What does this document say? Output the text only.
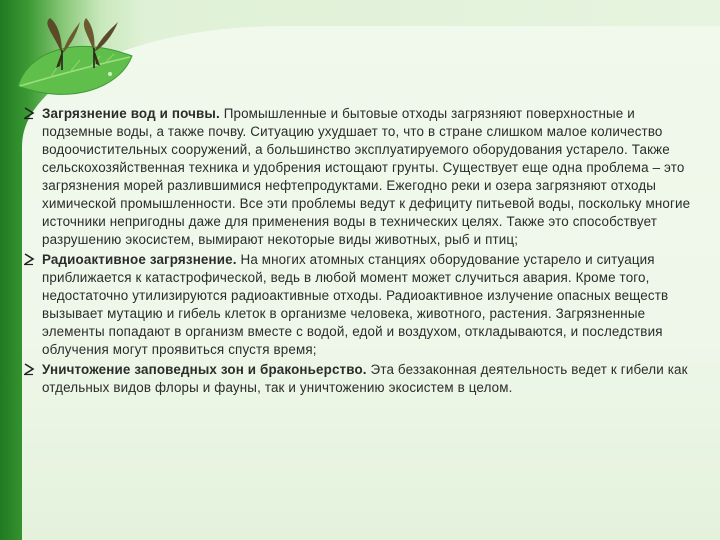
Загрязнение вод и почвы. Промышленные и бытовые отходы загрязняют поверхностные и подземные воды, а также почву. Ситуацию ухудшает то, что в стране слишком малое количество водоочистительных сооружений, а большинство эксплуатируемого оборудования устарело. Также сельскохозяйственная техника и удобрения истощают грунты. Существует еще одна проблема – это загрязнения морей разлившимися нефтепродуктами. Ежегодно реки и озера загрязняют отходы химической промышленности. Все эти проблемы ведут к дефициту питьевой воды, поскольку многие источники непригодны даже для применения воды в технических целях. Также это способствует разрушению экосистем, вымирают некоторые виды животных, рыб и птиц;

Радиоактивное загрязнение. На многих атомных станциях оборудование устарело и ситуация приближается к катастрофической, ведь в любой момент может случиться авария. Кроме того, недостаточно утилизируются радиоактивные отходы. Радиоактивное излучение опасных веществ вызывает мутацию и гибель клеток в организме человека, животного, растения. Загрязненные элементы попадают в организм вместе с водой, едой и воздухом, откладываются, и последствия облучения могут проявиться спустя время;

Уничтожение заповедных зон и браконьерство. Эта беззаконная деятельность ведет к гибели как отдельных видов флоры и фауны, так и уничтожению экосистем в целом.
